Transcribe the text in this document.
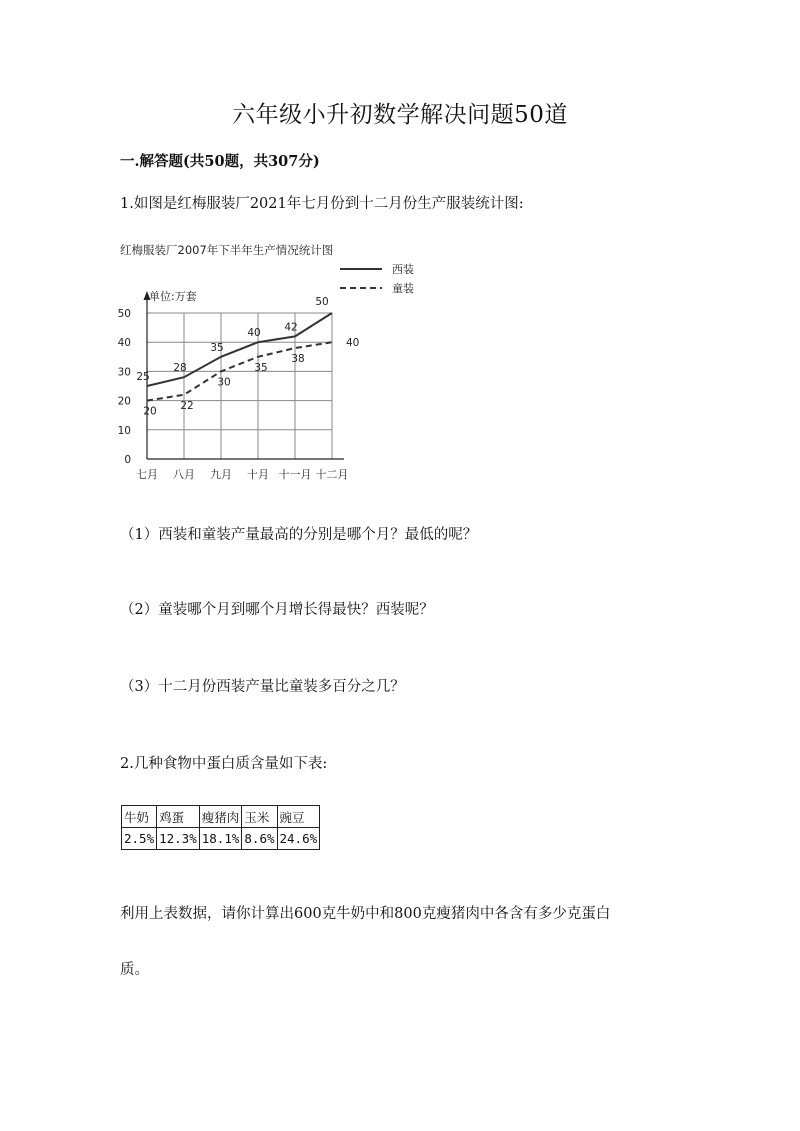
六年级小升初数学解决问题50道
一.解答题(共50题，共307分)
1.如图是红梅服装厂2021年七月份到十二月份生产服装统计图:
红梅服装厂2007年下半年生产情况统计图
单位:万套
0
10
20
30
40
50
七月 八月 九月 十月 十一月 十二月
25
28
35
40 42
50
20 22
30
35
38
40
西装
童装
（1）西装和童装产量最高的分别是哪个月？最低的呢？
（2）童装哪个月到哪个月增长得最快？西装呢？
（3）十二月份西装产量比童装多百分之几？
2.几种食物中蛋白质含量如下表:
牛奶	鸡蛋	瘦猪肉	玉米	豌豆
2.5%	12.3%	18.1%	8.6%	24.6%
利用上表数据，请你计算出600克牛奶中和800克瘦猪肉中各含有多少克蛋白
质。
